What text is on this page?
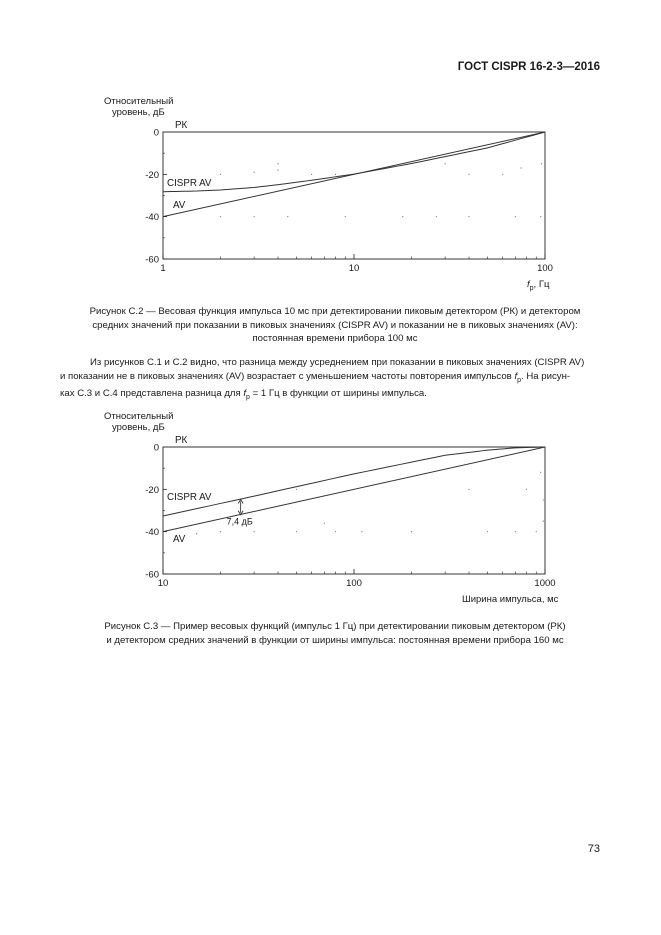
ГОСТ CISPR 16-2-3—2016
0
-20
-40
-60
1	10	100
РК
CISPR AV
AV
Относительный
уровень, дБ
$f_p$, Гц
0
-20
-40
-60
10	100	1000
РК
CISPR AV
AV
Относительный
уровень, дБ
Ширина импульса, мс
7,4 дБ
Рисунок С.2 — Весовая функция импульса 10 мс при детектировании пиковым детектором (РК) и детектором
средних значений при показании в пиковых значениях (CISPR AV) и показании не в пиковых значениях (AV):
постоянная времени прибора 100 мс
Из рисунков С.1 и С.2 видно, что разница между усреднением при показании в пиковых значениях (CISPR AV)
и показании не в пиковых значениях (AV) возрастает с уменьшением частоты повторения импульсов $f_p$. На рисун-
ках С.3 и С.4 представлена разница для $f_p = 1$ Гц в функции от ширины импульса.
Рисунок С.3 — Пример весовых функций (импульс 1 Гц) при детектировании пиковым детектором (РК)
и детектором средних значений в функции от ширины импульса: постоянная времени прибора 160 мс
73
